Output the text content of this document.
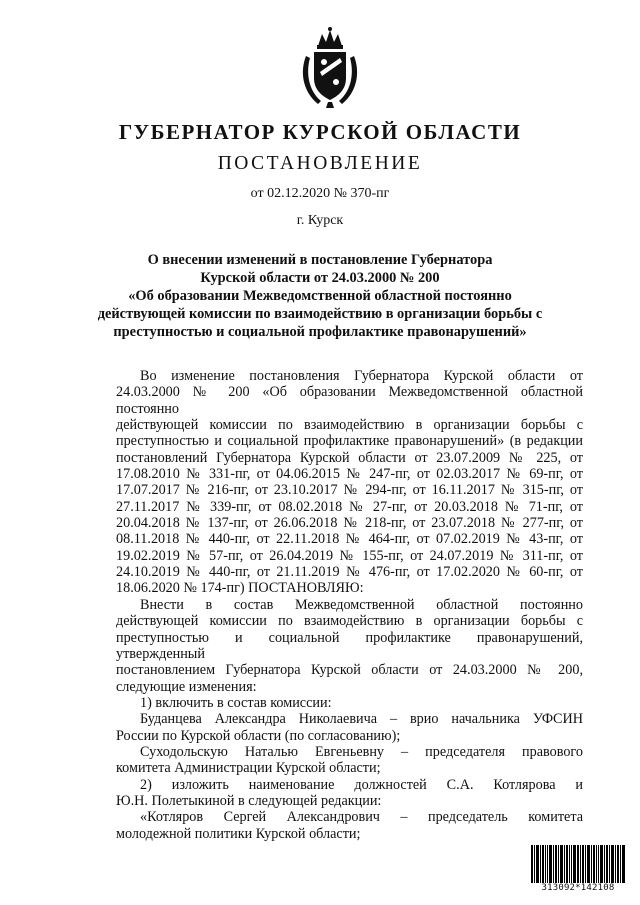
ГУБЕРНАТОР КУРСКОЙ ОБЛАСТИ
ПОСТАНОВЛЕНИЕ
от 02.12.2020 № 370-пг
г. Курск
О внесении изменений в постановление Губернатора
Курской области от 24.03.2000 № 200
«Об образовании Межведомственной областной постоянно
действующей комиссии по взаимодействию в организации борьбы с
преступностью и социальной профилактике правонарушений»

Во изменение постановления Губернатора Курской области от

24.03.2000 № 200 «Об образовании Межведомственной областной постоянно

действующей комиссии по взаимодействию в организации борьбы с

преступностью и социальной профилактике правонарушений» (в редакции

постановлений Губернатора Курской области от 23.07.2009 № 225, от

17.08.2010 № 331-пг, от 04.06.2015 № 247-пг, от 02.03.2017 № 69-пг, от

17.07.2017 № 216-пг, от 23.10.2017 № 294-пг, от 16.11.2017 № 315-пг, от

27.11.2017 № 339-пг, от 08.02.2018 № 27-пг, от 20.03.2018 № 71-пг, от

20.04.2018 № 137-пг, от 26.06.2018 № 218-пг, от 23.07.2018 № 277-пг, от

08.11.2018 № 440-пг, от 22.11.2018 № 464-пг, от 07.02.2019 № 43-пг, от

19.02.2019 № 57-пг, от 26.04.2019 № 155-пг, от 24.07.2019 № 311-пг, от

24.10.2019 № 440-пг, от 21.11.2019 № 476-пг, от 17.02.2020 № 60-пг, от

18.06.2020 № 174-пг) ПОСТАНОВЛЯЮ:

Внести в состав Межведомственной областной постоянно

действующей комиссии по взаимодействию в организации борьбы с

преступностью и социальной профилактике правонарушений, утвержденный

постановлением Губернатора Курской области от 24.03.2000 № 200,

следующие изменения:

1) включить в состав комиссии:

Буданцева Александра Николаевича – врио начальника УФСИН

России по Курской области (по согласованию);

Суходольскую Наталью Евгеньевну – председателя правового

комитета Администрации Курской области;

2) изложить наименование должностей С.А. Котлярова и

Ю.Н. Полетыкиной в следующей редакции:

«Котляров Сергей Александрович – председатель комитета

молодежной политики Курской области;

313092*142108
